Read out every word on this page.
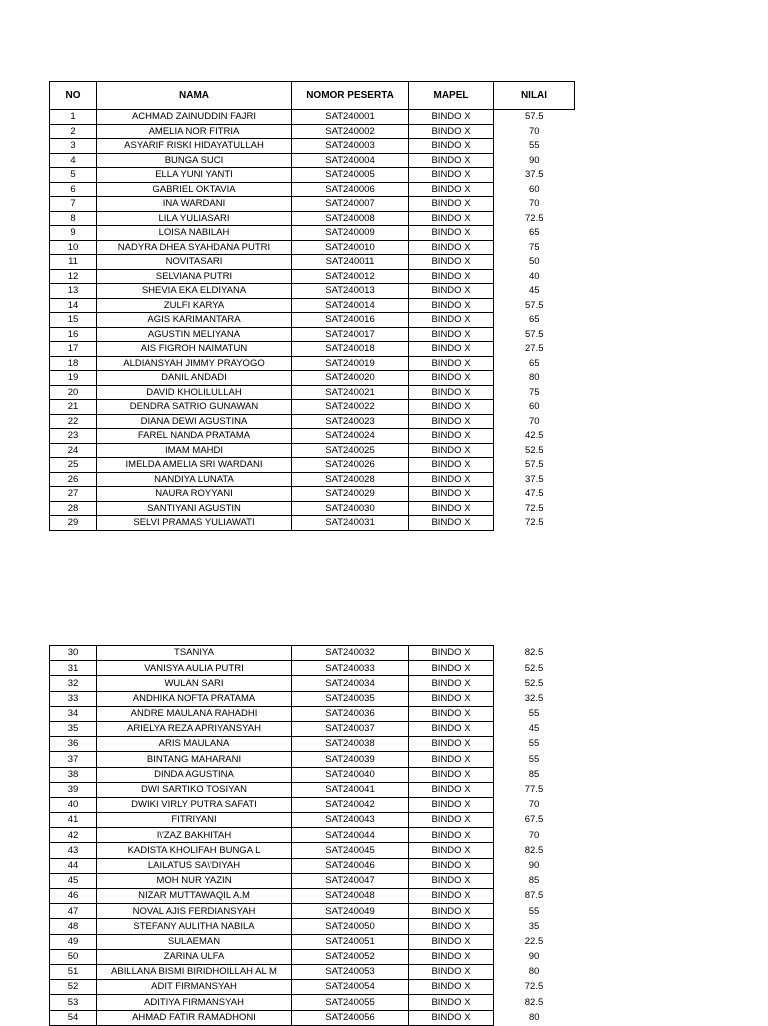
NO	NAMA	NOMOR PESERTA	MAPEL	NILAI
1	ACHMAD ZAINUDDIN FAJRI	SAT240001	BINDO X	57.5
2	AMELIA NOR FITRIA	SAT240002	BINDO X	70
3	ASYARIF RISKI HIDAYATULLAH	SAT240003	BINDO X	55
4	BUNGA SUCI	SAT240004	BINDO X	90
5	ELLA YUNI YANTI	SAT240005	BINDO X	37.5
6	GABRIEL OKTAVIA	SAT240006	BINDO X	60
7	INA WARDANI	SAT240007	BINDO X	70
8	LILA YULIASARI	SAT240008	BINDO X	72.5
9	LOISA NABILAH	SAT240009	BINDO X	65
10	NADYRA DHEA SYAHDANA PUTRI	SAT240010	BINDO X	75
11	NOVITASARI	SAT240011	BINDO X	50
12	SELVIANA PUTRI	SAT240012	BINDO X	40
13	SHEVIA EKA ELDIYANA	SAT240013	BINDO X	45
14	ZULFI KARYA	SAT240014	BINDO X	57.5
15	AGIS KARIMANTARA	SAT240016	BINDO X	65
16	AGUSTIN MELIYANA	SAT240017	BINDO X	57.5
17	AIS FIGROH NAIMATUN	SAT240018	BINDO X	27.5
18	ALDIANSYAH JIMMY PRAYOGO	SAT240019	BINDO X	65
19	DANIL ANDADI	SAT240020	BINDO X	80
20	DAVID KHOLILULLAH	SAT240021	BINDO X	75
21	DENDRA SATRIO GUNAWAN	SAT240022	BINDO X	60
22	DIANA DEWI AGUSTINA	SAT240023	BINDO X	70
23	FAREL NANDA PRATAMA	SAT240024	BINDO X	42.5
24	IMAM MAHDI	SAT240025	BINDO X	52.5
25	IMELDA AMELIA SRI WARDANI	SAT240026	BINDO X	57.5
26	NANDIYA LUNATA	SAT240028	BINDO X	37.5
27	NAURA ROYYANI	SAT240029	BINDO X	47.5
28	SANTIYANI AGUSTIN	SAT240030	BINDO X	72.5
29	SELVI PRAMAS YULIAWATI	SAT240031	BINDO X	72.5
30	TSANIYA	SAT240032	BINDO X	82.5
31	VANISYA AULIA PUTRI	SAT240033	BINDO X	52.5
32	WULAN SARI	SAT240034	BINDO X	52.5
33	ANDHIKA NOFTA PRATAMA	SAT240035	BINDO X	32.5
34	ANDRE MAULANA RAHADHI	SAT240036	BINDO X	55
35	ARIELYA REZA APRIYANSYAH	SAT240037	BINDO X	45
36	ARIS MAULANA	SAT240038	BINDO X	55
37	BINTANG MAHARANI	SAT240039	BINDO X	55
38	DINDA AGUSTINA	SAT240040	BINDO X	85
39	DWI SARTIKO TOSIYAN	SAT240041	BINDO X	77.5
40	DWIKI VIRLY PUTRA SAFATI	SAT240042	BINDO X	70
41	FITRIYANI	SAT240043	BINDO X	67.5
42	I\'ZAZ BAKHITAH	SAT240044	BINDO X	70
43	KADISTA KHOLIFAH BUNGA L	SAT240045	BINDO X	82.5
44	LAILATUS SA\'DIYAH	SAT240046	BINDO X	90
45	MOH NUR YAZIN	SAT240047	BINDO X	85
46	NIZAR MUTTAWAQIL A.M	SAT240048	BINDO X	87.5
47	NOVAL AJIS FERDIANSYAH	SAT240049	BINDO X	55
48	STEFANY AULITHA NABILA	SAT240050	BINDO X	35
49	SULAEMAN	SAT240051	BINDO X	22.5
50	ZARINA ULFA	SAT240052	BINDO X	90
51	ABILLANA BISMI BIRIDHOILLAH AL M	SAT240053	BINDO X	80
52	ADIT FIRMANSYAH	SAT240054	BINDO X	72.5
53	ADITIYA FIRMANSYAH	SAT240055	BINDO X	82.5
54	AHMAD FATIR RAMADHONI	SAT240056	BINDO X	80
